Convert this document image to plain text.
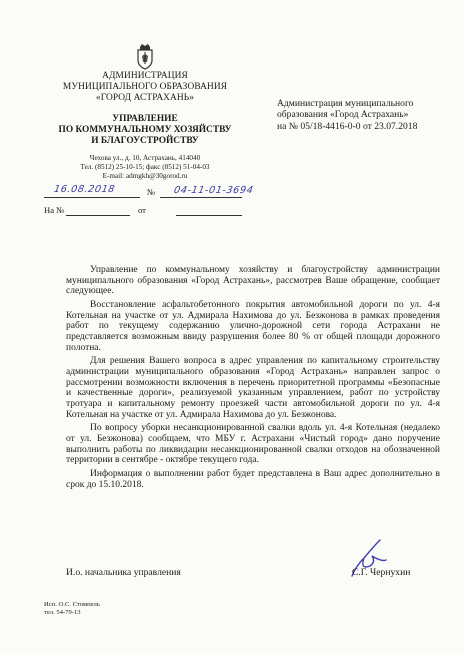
АДМИНИСТРАЦИЯ
МУНИЦИПАЛЬНОГО ОБРАЗОВАНИЯ
«ГОРОД АСТРАХАНЬ»
УПРАВЛЕНИЕ
ПО КОММУНАЛЬНОМУ ХОЗЯЙСТВУ
И БЛАГОУСТРОЙСТВУ
Чехова ул., д. 10, Астрахань, 414040
Тел. (8512) 25-10-15; факс (8512) 51-04-03
E-mail: admgkh@30gorod.ru
16.08.2018	№ 04-11-01-3694
На №	от
Администрация муниципального
образования «Город Астрахань»
на № 05/18-4416-0-0 от 23.07.2018

Управление по коммунальному хозяйству и благоустройству администрации муниципального образования «Город Астрахань», рассмотрев Ваше обращение, сообщает следующее.

Восстановление асфальтобетонного покрытия автомобильной дороги по ул. 4-я Котельная на участке от ул. Адмирала Нахимова до ул. Безжонова в рамках проведения работ по текущему содержанию улично-дорожной сети города Астрахани не представляется возможным ввиду разрушения более 80 % от общей площади дорожного полотна.

Для решения Вашего вопроса в адрес управления по капитальному строительству администрации муниципального образования «Город Астрахань» направлен запрос о рассмотрении возможности включения в перечень приоритетной программы «Безопасные и качественные дороги», реализуемой указанным управлением, работ по устройству тротуара и капитальному ремонту проезжей части автомобильной дороги по ул. 4-я Котельная на участке от ул. Адмирала Нахимова до ул. Безжонова.

По вопросу уборки несанкционированной свалки вдоль ул. 4-я Котельная (недалеко от ул. Безжонова) сообщаем, что МБУ г. Астрахани «Чистый город» дано поручение выполнить работы по ликвидации несанкционированной свалки отходов на обозначенной территории в сентябре - октябре текущего года.

Информация о выполнении работ будет представлена в Ваш адрес дополнительно в срок до 15.10.2018.

И.о. начальника управления	С.Г. Чернухин
Исп. О.С. Стомпель
тел. 54-79-13
